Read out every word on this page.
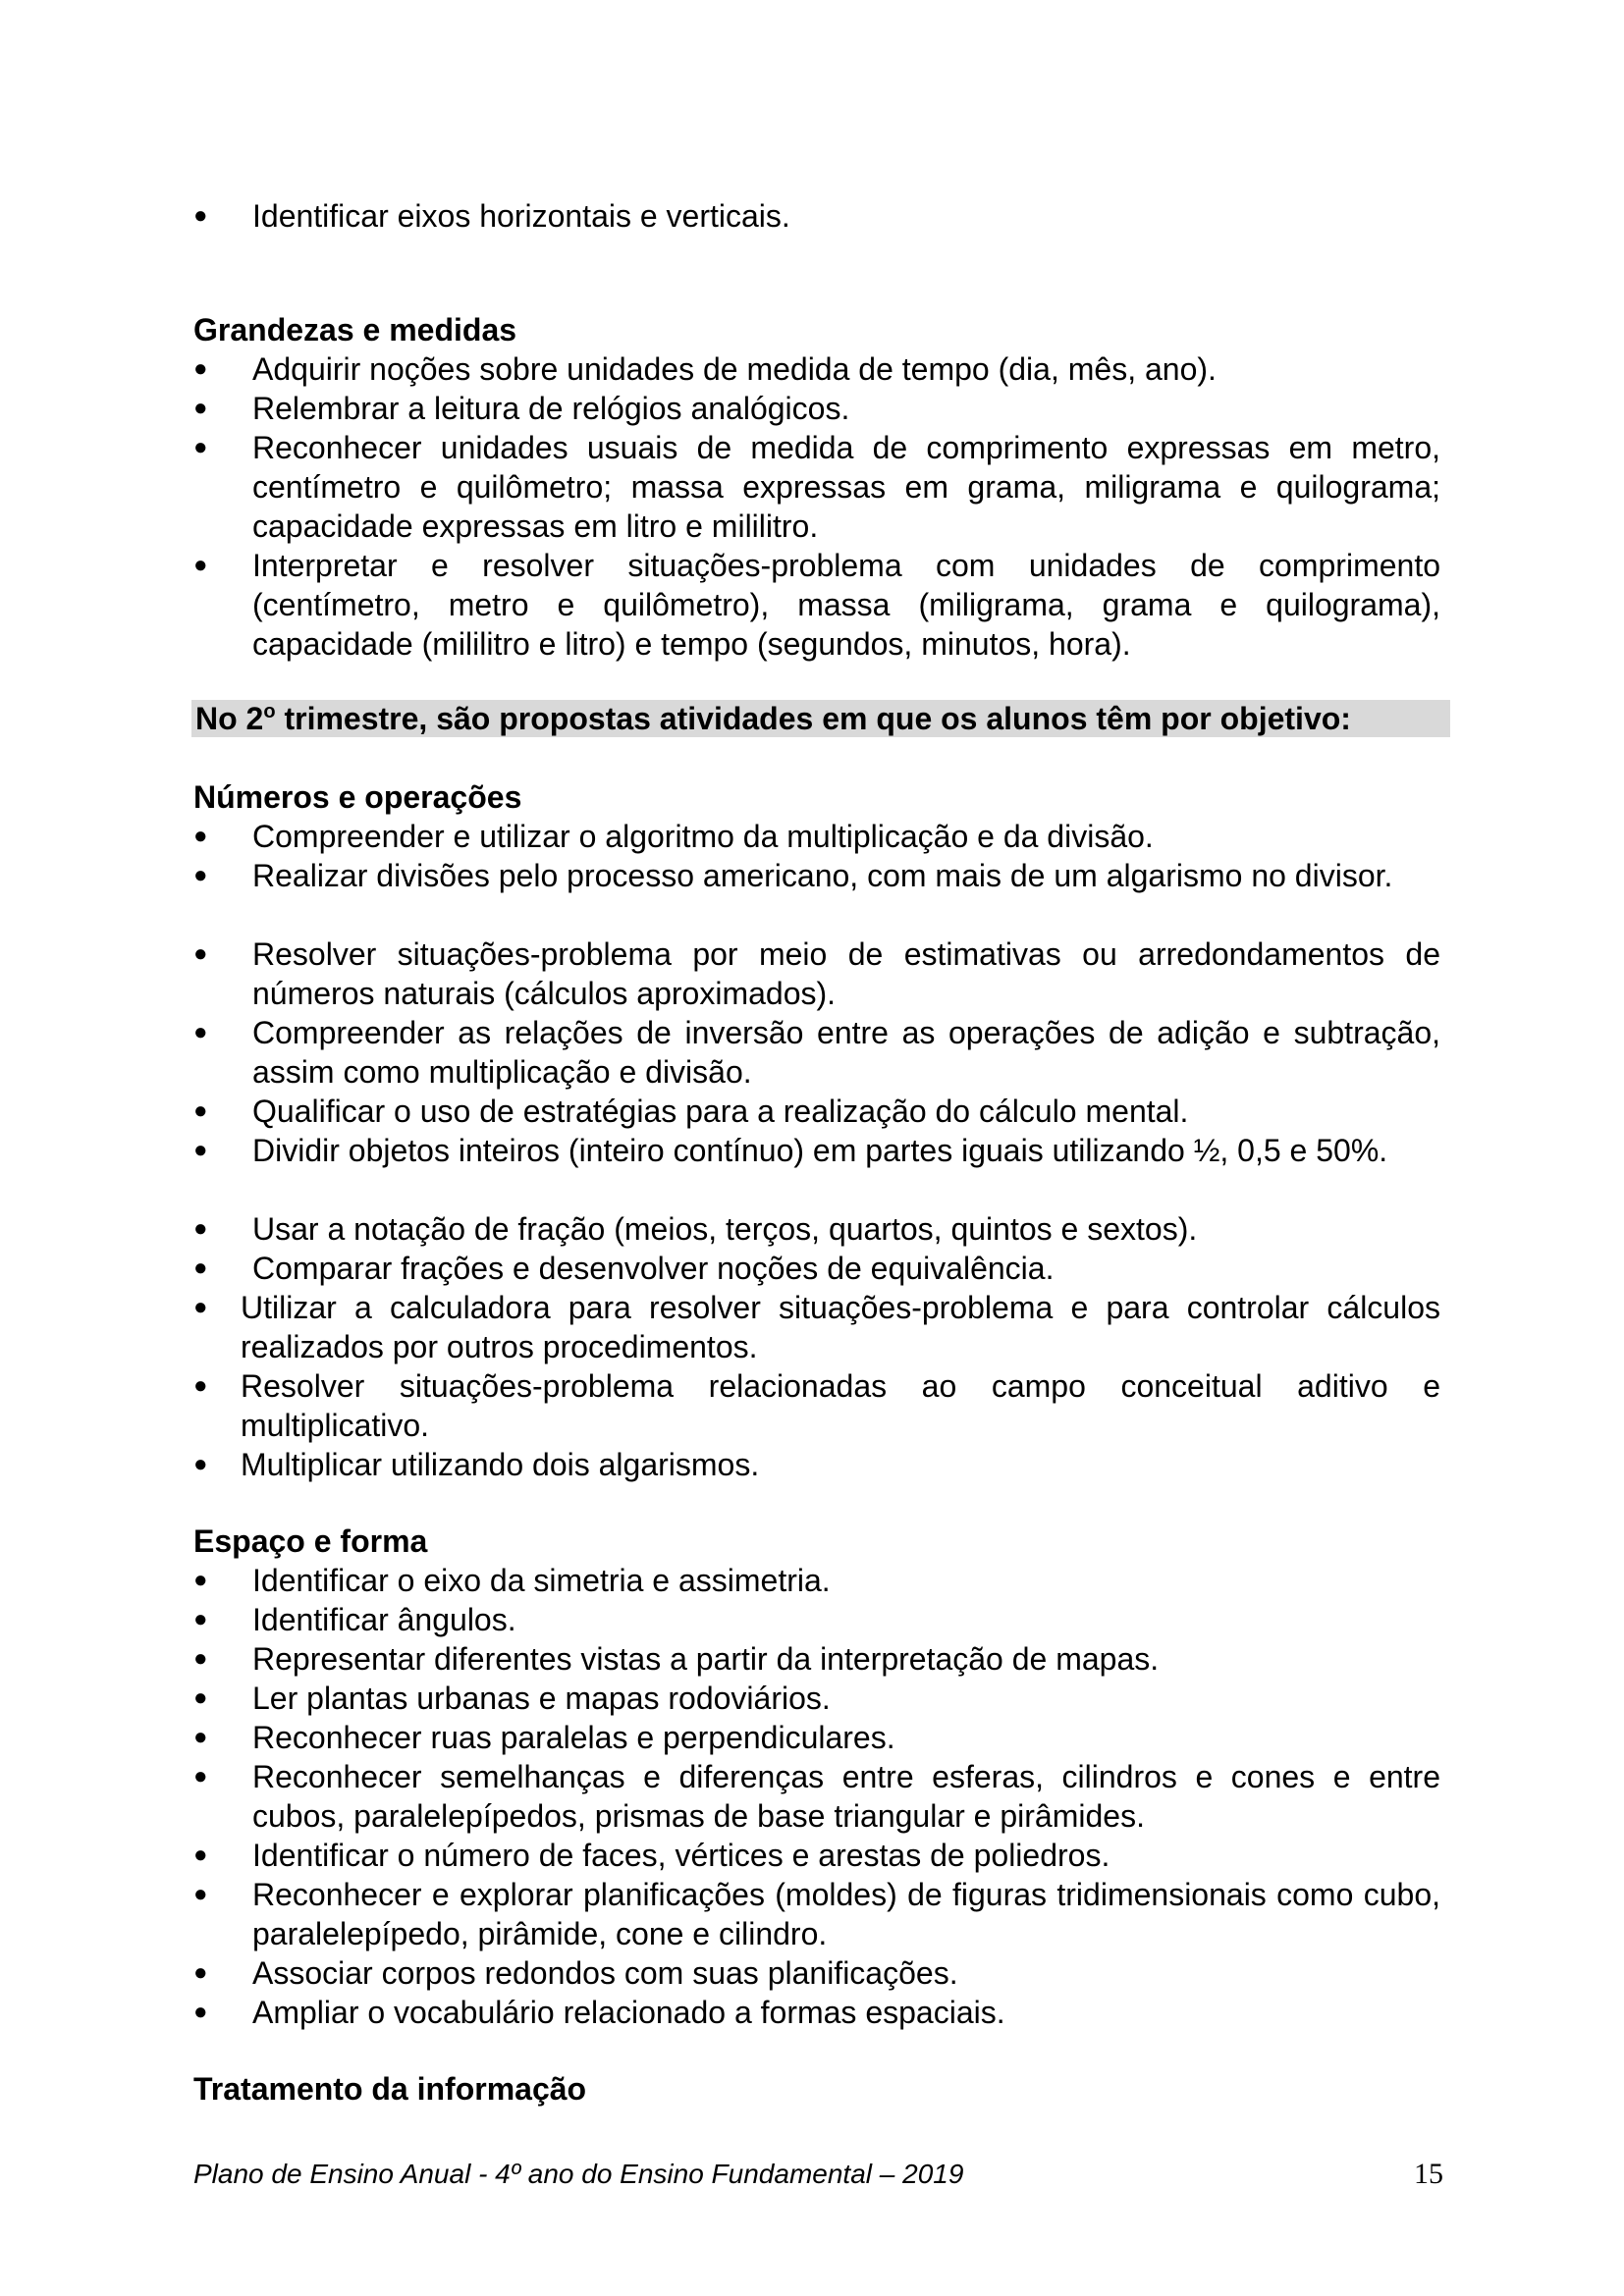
● Identificar eixos horizontais e verticais.
Grandezas e medidas
● Adquirir noções sobre unidades de medida de tempo (dia, mês, ano).
● Relembrar a leitura de relógios analógicos.
● Reconhecer unidades usuais de medida de comprimento expressas em metro, centímetro e quilômetro; massa expressas em grama, miligrama e quilograma; capacidade expressas em litro e mililitro.
● Interpretar e resolver situações-problema com unidades de comprimento (centímetro, metro e quilômetro), massa (miligrama, grama e quilograma), capacidade (mililitro e litro) e tempo (segundos, minutos, hora).
No 2$^o$ trimestre, são propostas atividades em que os alunos têm por objetivo:
Números e operações
● Compreender e utilizar o algoritmo da multiplicação e da divisão.
● Realizar divisões pelo processo americano, com mais de um algarismo no divisor.
● Resolver situações-problema por meio de estimativas ou arredondamentos de números naturais (cálculos aproximados).
● Compreender as relações de inversão entre as operações de adição e subtração, assim como multiplicação e divisão.
● Qualificar o uso de estratégias para a realização do cálculo mental.
● Dividir objetos inteiros (inteiro contínuo) em partes iguais utilizando ½, 0,5 e 50%.
● Usar a notação de fração (meios, terços, quartos, quintos e sextos).
● Comparar frações e desenvolver noções de equivalência.
● Utilizar a calculadora para resolver situações-problema e para controlar cálculos realizados por outros procedimentos.
● Resolver situações-problema relacionadas ao campo conceitual aditivo e multiplicativo.
● Multiplicar utilizando dois algarismos.
Espaço e forma
● Identificar o eixo da simetria e assimetria.
● Identificar ângulos.
● Representar diferentes vistas a partir da interpretação de mapas.
● Ler plantas urbanas e mapas rodoviários.
● Reconhecer ruas paralelas e perpendiculares.
● Reconhecer semelhanças e diferenças entre esferas, cilindros e cones e entre cubos, paralelepípedos, prismas de base triangular e pirâmides.
● Identificar o número de faces, vértices e arestas de poliedros.
● Reconhecer e explorar planificações (moldes) de figuras tridimensionais como cubo, paralelepípedo, pirâmide, cone e cilindro.
● Associar corpos redondos com suas planificações.
● Ampliar o vocabulário relacionado a formas espaciais.
Tratamento da informação
Plano de Ensino Anual - 4º ano do Ensino Fundamental – 2019	15
